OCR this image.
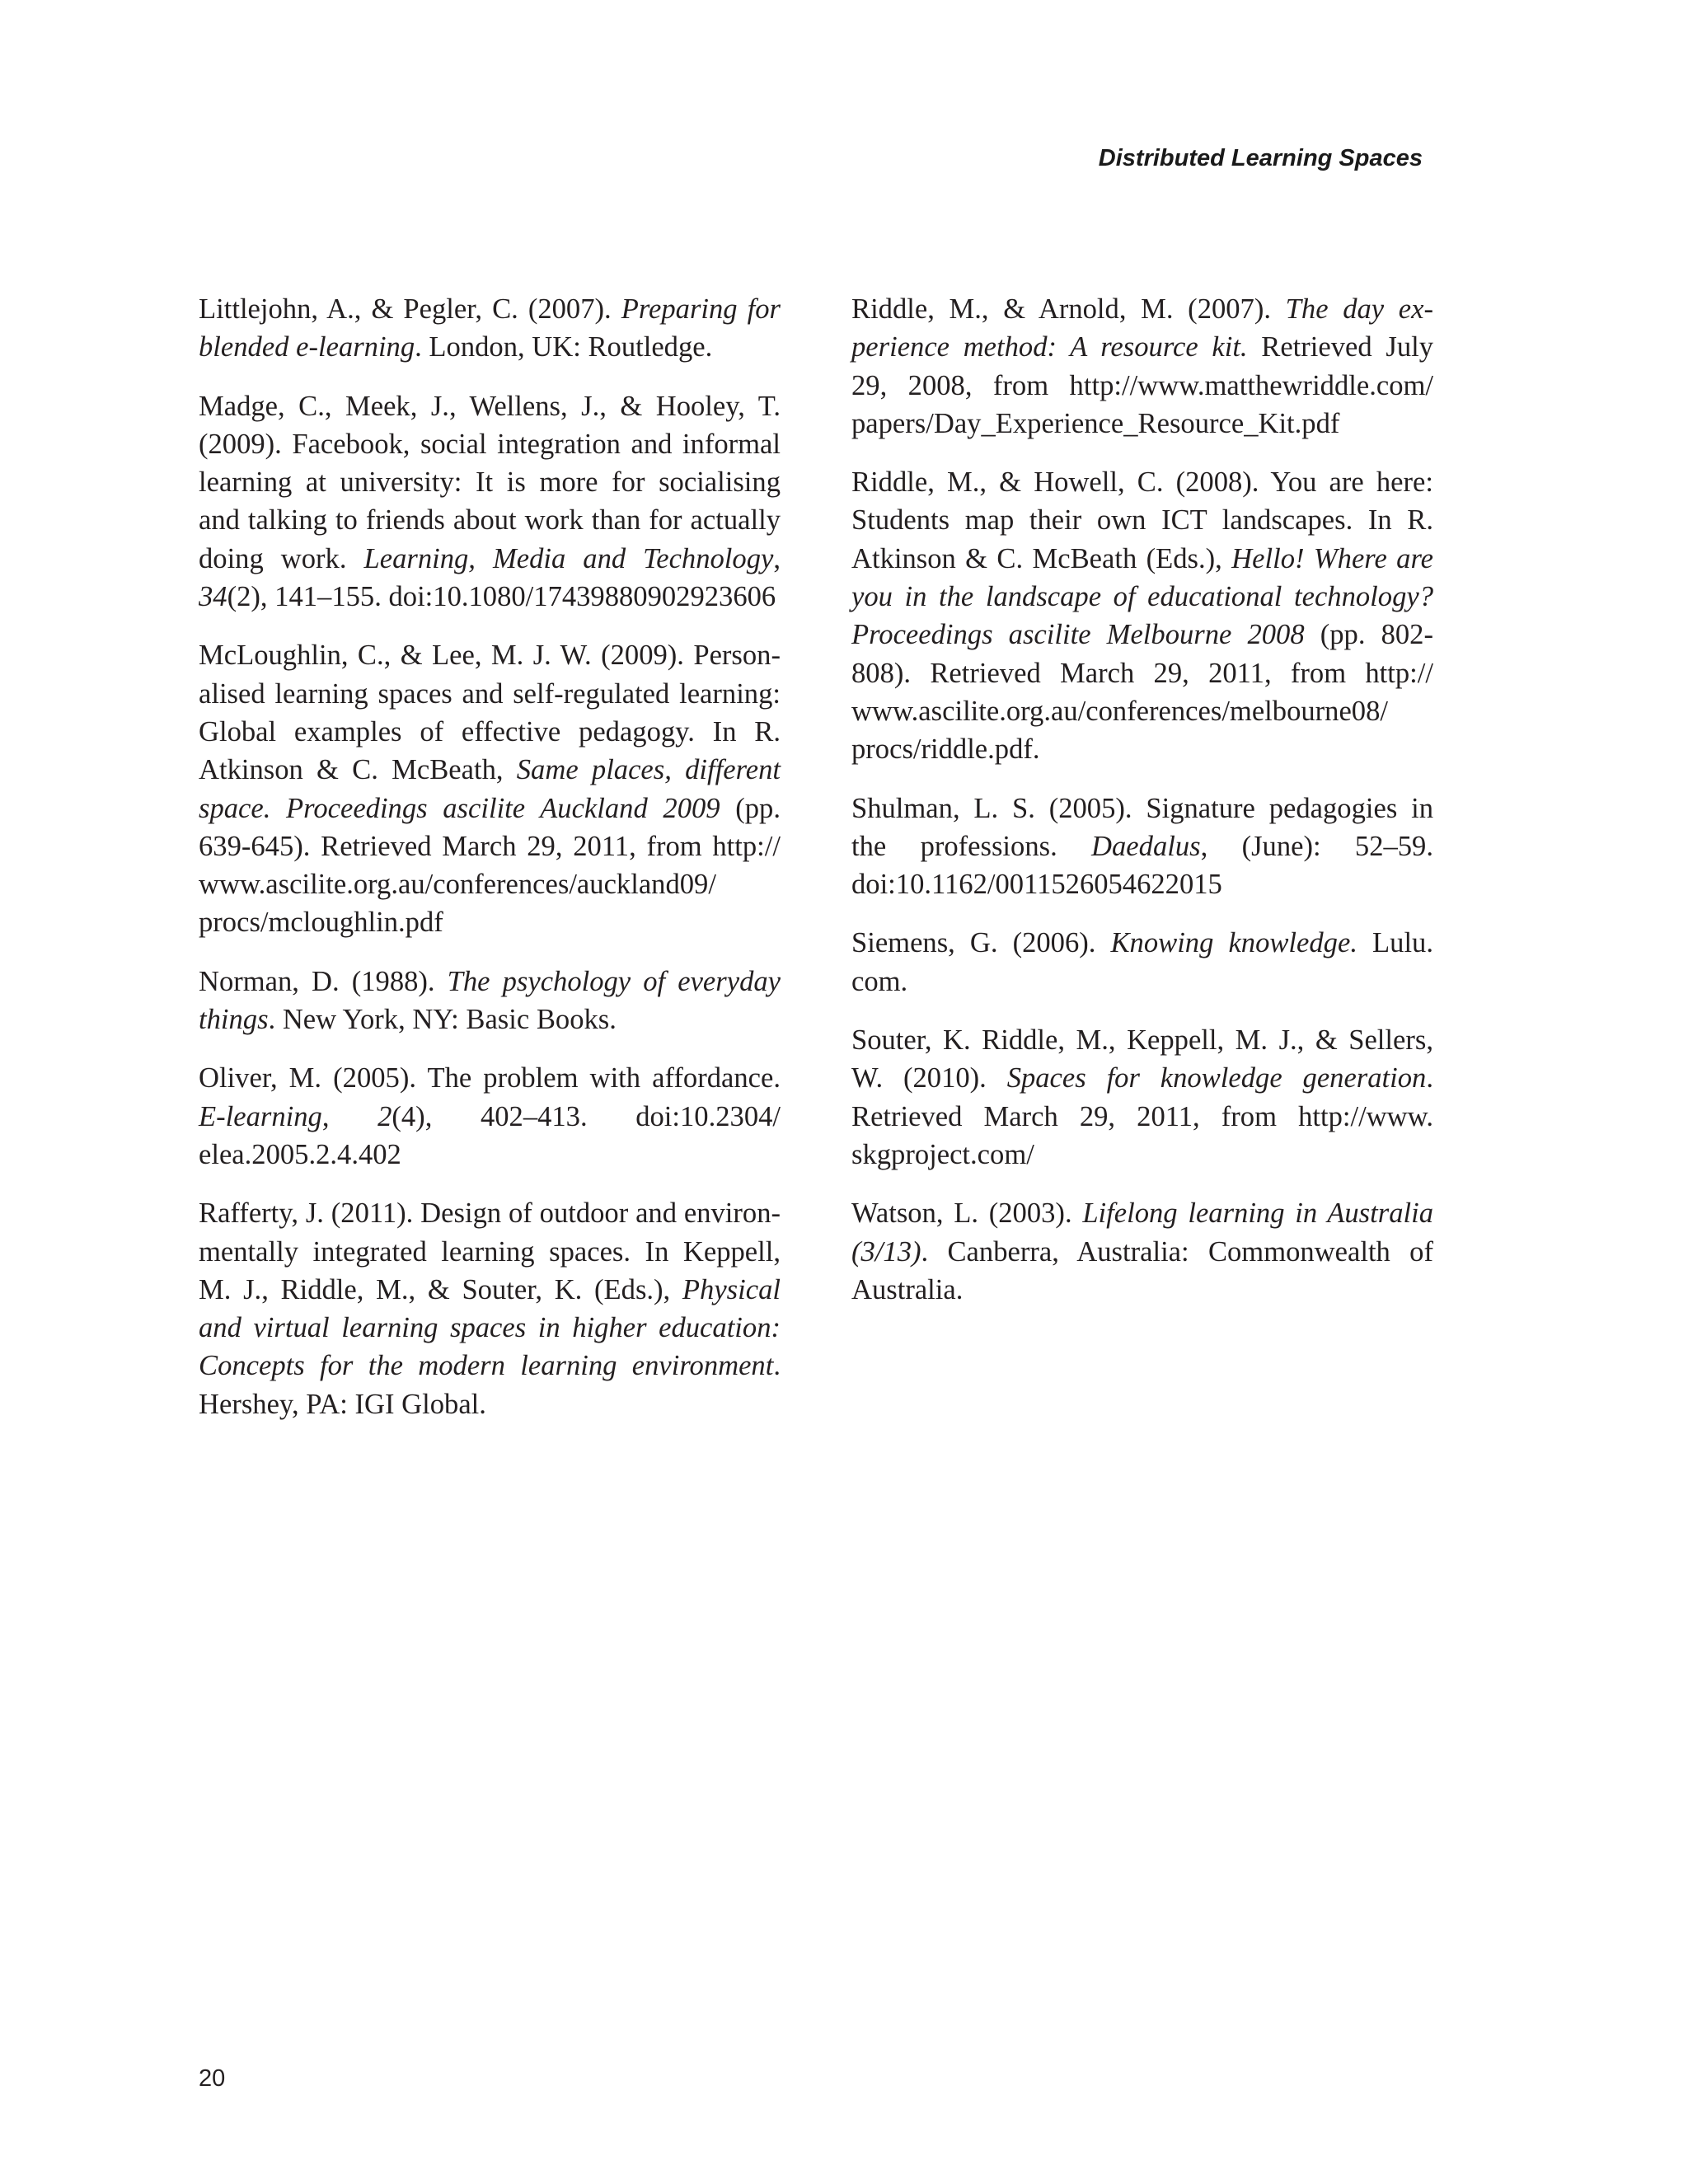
Distributed Learning Spaces

Littlejohn, A., & Pegler, C. (2007). Preparing for blended e-learning. London, UK: Routledge.

Madge, C., Meek, J., Wellens, J., & Hooley, T. (2009). Facebook, social integration and informal learning at university: It is more for socialising and talking to friends about work than for actually doing work. Learning, Media and Technology, 34(2), 141–155. doi:10.1080/17439880902923606

McLoughlin, C., & Lee, M. J. W. (2009). Personalised learning spaces and self-regulated learning: Global examples of effective pedagogy. In R. Atkinson & C. McBeath, Same places, different space. Proceedings ascilite Auckland 2009 (pp. 639-645). Retrieved March 29, 2011, from http://​www.ascilite.org.au/​conferences/​auckland09/​procs/​mcloughlin.pdf

Norman, D. (1988). The psychology of everyday things. New York, NY: Basic Books.

Oliver, M. (2005). The problem with affordance. E-learning, 2(4), 402–413. doi:10.2304/​elea.2005.2.4.402

Rafferty, J. (2011). Design of outdoor and environmentally integrated learning spaces. In Keppell, M. J., Riddle, M., & Souter, K. (Eds.), Physical and virtual learning spaces in higher education: Concepts for the modern learning environment. Hershey, PA: IGI Global.

Riddle, M., & Arnold, M. (2007). The day experience method: A resource kit. Retrieved July 29, 2008, from http://​www.matthewriddle.com/​papers/​Day_Experience_Resource_Kit.pdf

Riddle, M., & Howell, C. (2008). You are here: Students map their own ICT landscapes. In R. Atkinson & C. McBeath (Eds.), Hello! Where are you in the landscape of educational technology? Proceedings ascilite Melbourne 2008 (pp. 802-808). Retrieved March 29, 2011, from http://​www.ascilite.org.au/​conferences/​melbourne08/​procs/​riddle.pdf.

Shulman, L. S. (2005). Signature pedagogies in the professions. Daedalus, (June): 52–59. doi:10.1162/0011526054622015

Siemens, G. (2006). Knowing knowledge. Lulu.​com.

Souter, K. Riddle, M., Keppell, M. J., & Sellers, W. (2010). Spaces for knowledge generation. Retrieved March 29, 2011, from http://www.​skgproject.com/

Watson, L. (2003). Lifelong learning in Australia (3/13). Canberra, Australia: Commonwealth of Australia.

20
